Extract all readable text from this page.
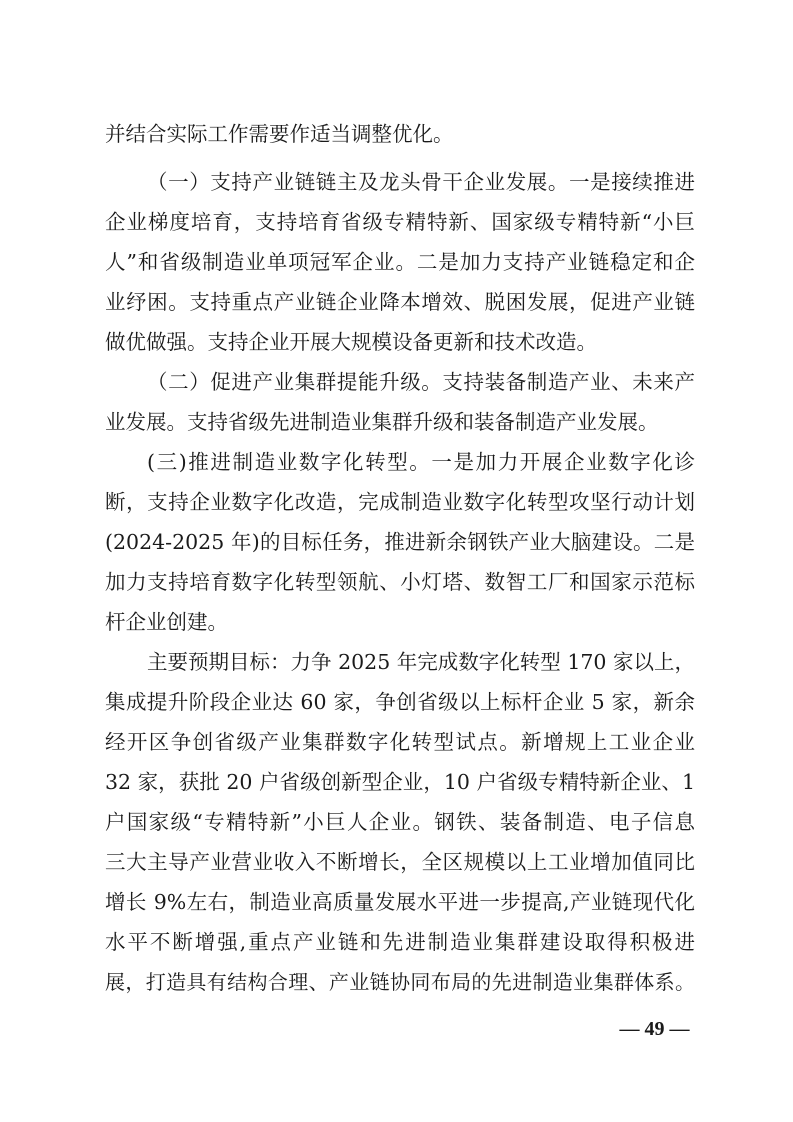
并结合实际工作需要作适当调整优化。
（一）支持产业链链主及龙头骨干企业发展。一是接续推进
企业梯度培育，支持培育省级专精特新、国家级专精特新“小巨
人”和省级制造业单项冠军企业。二是加力支持产业链稳定和企
业纾困。支持重点产业链企业降本增效、脱困发展，促进产业链
做优做强。支持企业开展大规模设备更新和技术改造。
（二）促进产业集群提能升级。支持装备制造产业、未来产
业发展。支持省级先进制造业集群升级和装备制造产业发展。
(三)推进制造业数字化转型。一是加力开展企业数字化诊
断，支持企业数字化改造，完成制造业数字化转型攻坚行动计划
(2024-2025 年)的目标任务，推进新余钢铁产业大脑建设。二是
加力支持培育数字化转型领航、小灯塔、数智工厂和国家示范标
杆企业创建。
主要预期目标：力争 2025 年完成数字化转型 170 家以上，
集成提升阶段企业达 60 家，争创省级以上标杆企业 5 家，新余
经开区争创省级产业集群数字化转型试点。新增规上工业企业
32 家，获批 20 户省级创新型企业，10 户省级专精特新企业、1
户国家级“专精特新”小巨人企业。钢铁、装备制造、电子信息
三大主导产业营业收入不断增长，全区规模以上工业增加值同比
增长 9%左右，制造业高质量发展水平进一步提高,产业链现代化
水平不断增强,重点产业链和先进制造业集群建设取得积极进
展，打造具有结构合理、产业链协同布局的先进制造业集群体系。
— 49 —
